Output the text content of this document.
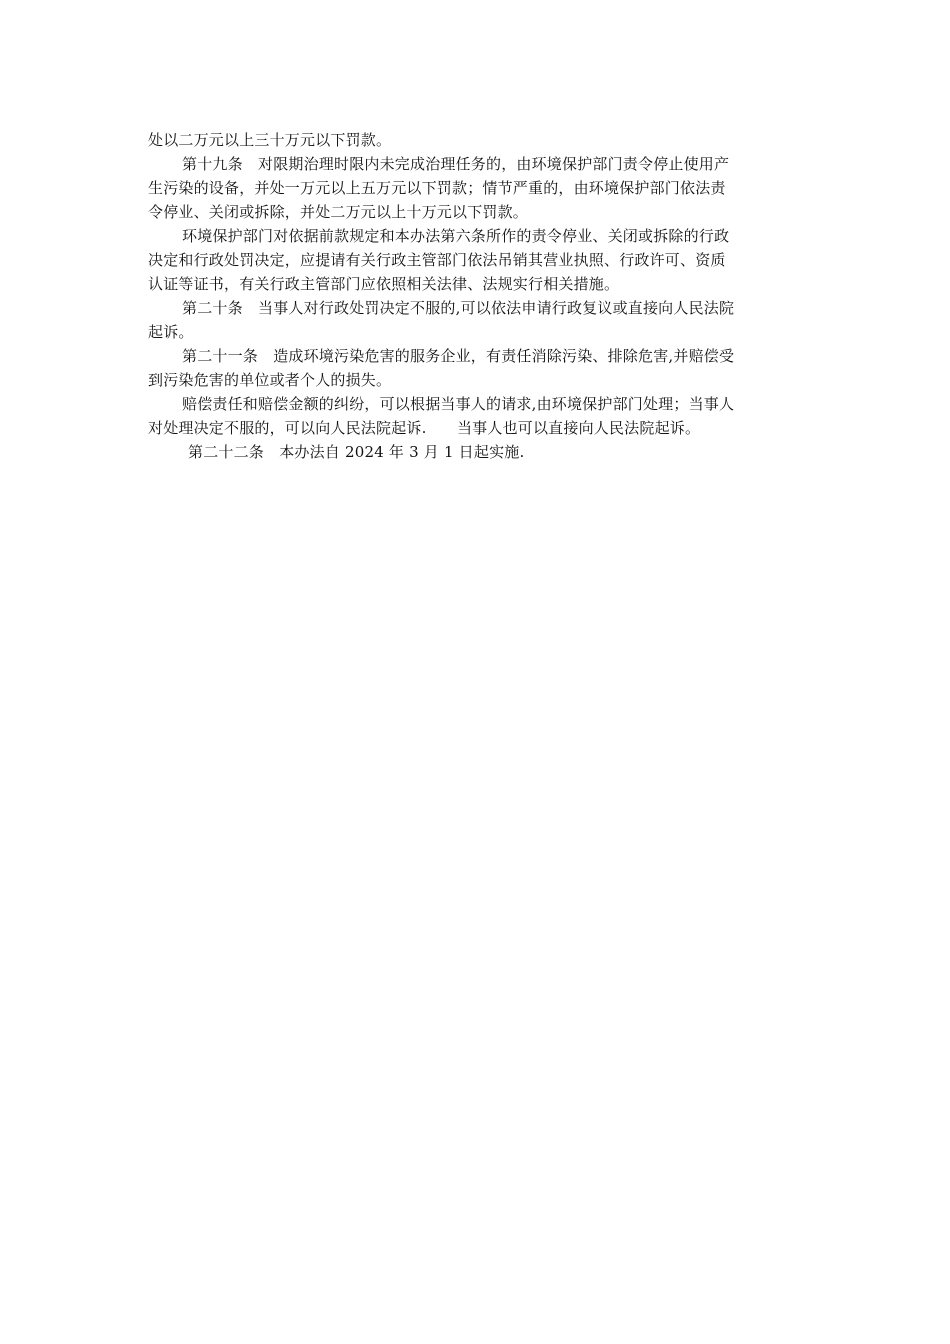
处以二万元以上三十万元以下罚款。
第十九条　对限期治理时限内未完成治理任务的，由环境保护部门责令停止使用产
生污染的设备，并处一万元以上五万元以下罚款；情节严重的，由环境保护部门依法责
令停业、关闭或拆除，并处二万元以上十万元以下罚款。
环境保护部门对依据前款规定和本办法第六条所作的责令停业、关闭或拆除的行政
决定和行政处罚决定，应提请有关行政主管部门依法吊销其营业执照、行政许可、资质
认证等证书，有关行政主管部门应依照相关法律、法规实行相关措施。
第二十条　当事人对行政处罚决定不服的,可以依法申请行政复议或直接向人民法院
起诉。
第二十一条　造成环境污染危害的服务企业，有责任消除污染、排除危害,并赔偿受
到污染危害的单位或者个人的损失。
赔偿责任和赔偿金额的纠纷，可以根据当事人的请求,由环境保护部门处理；当事人
对处理决定不服的，可以向人民法院起诉.　　当事人也可以直接向人民法院起诉。
第二十二条　本办法自 2024 年 3 月 1 日起实施.
